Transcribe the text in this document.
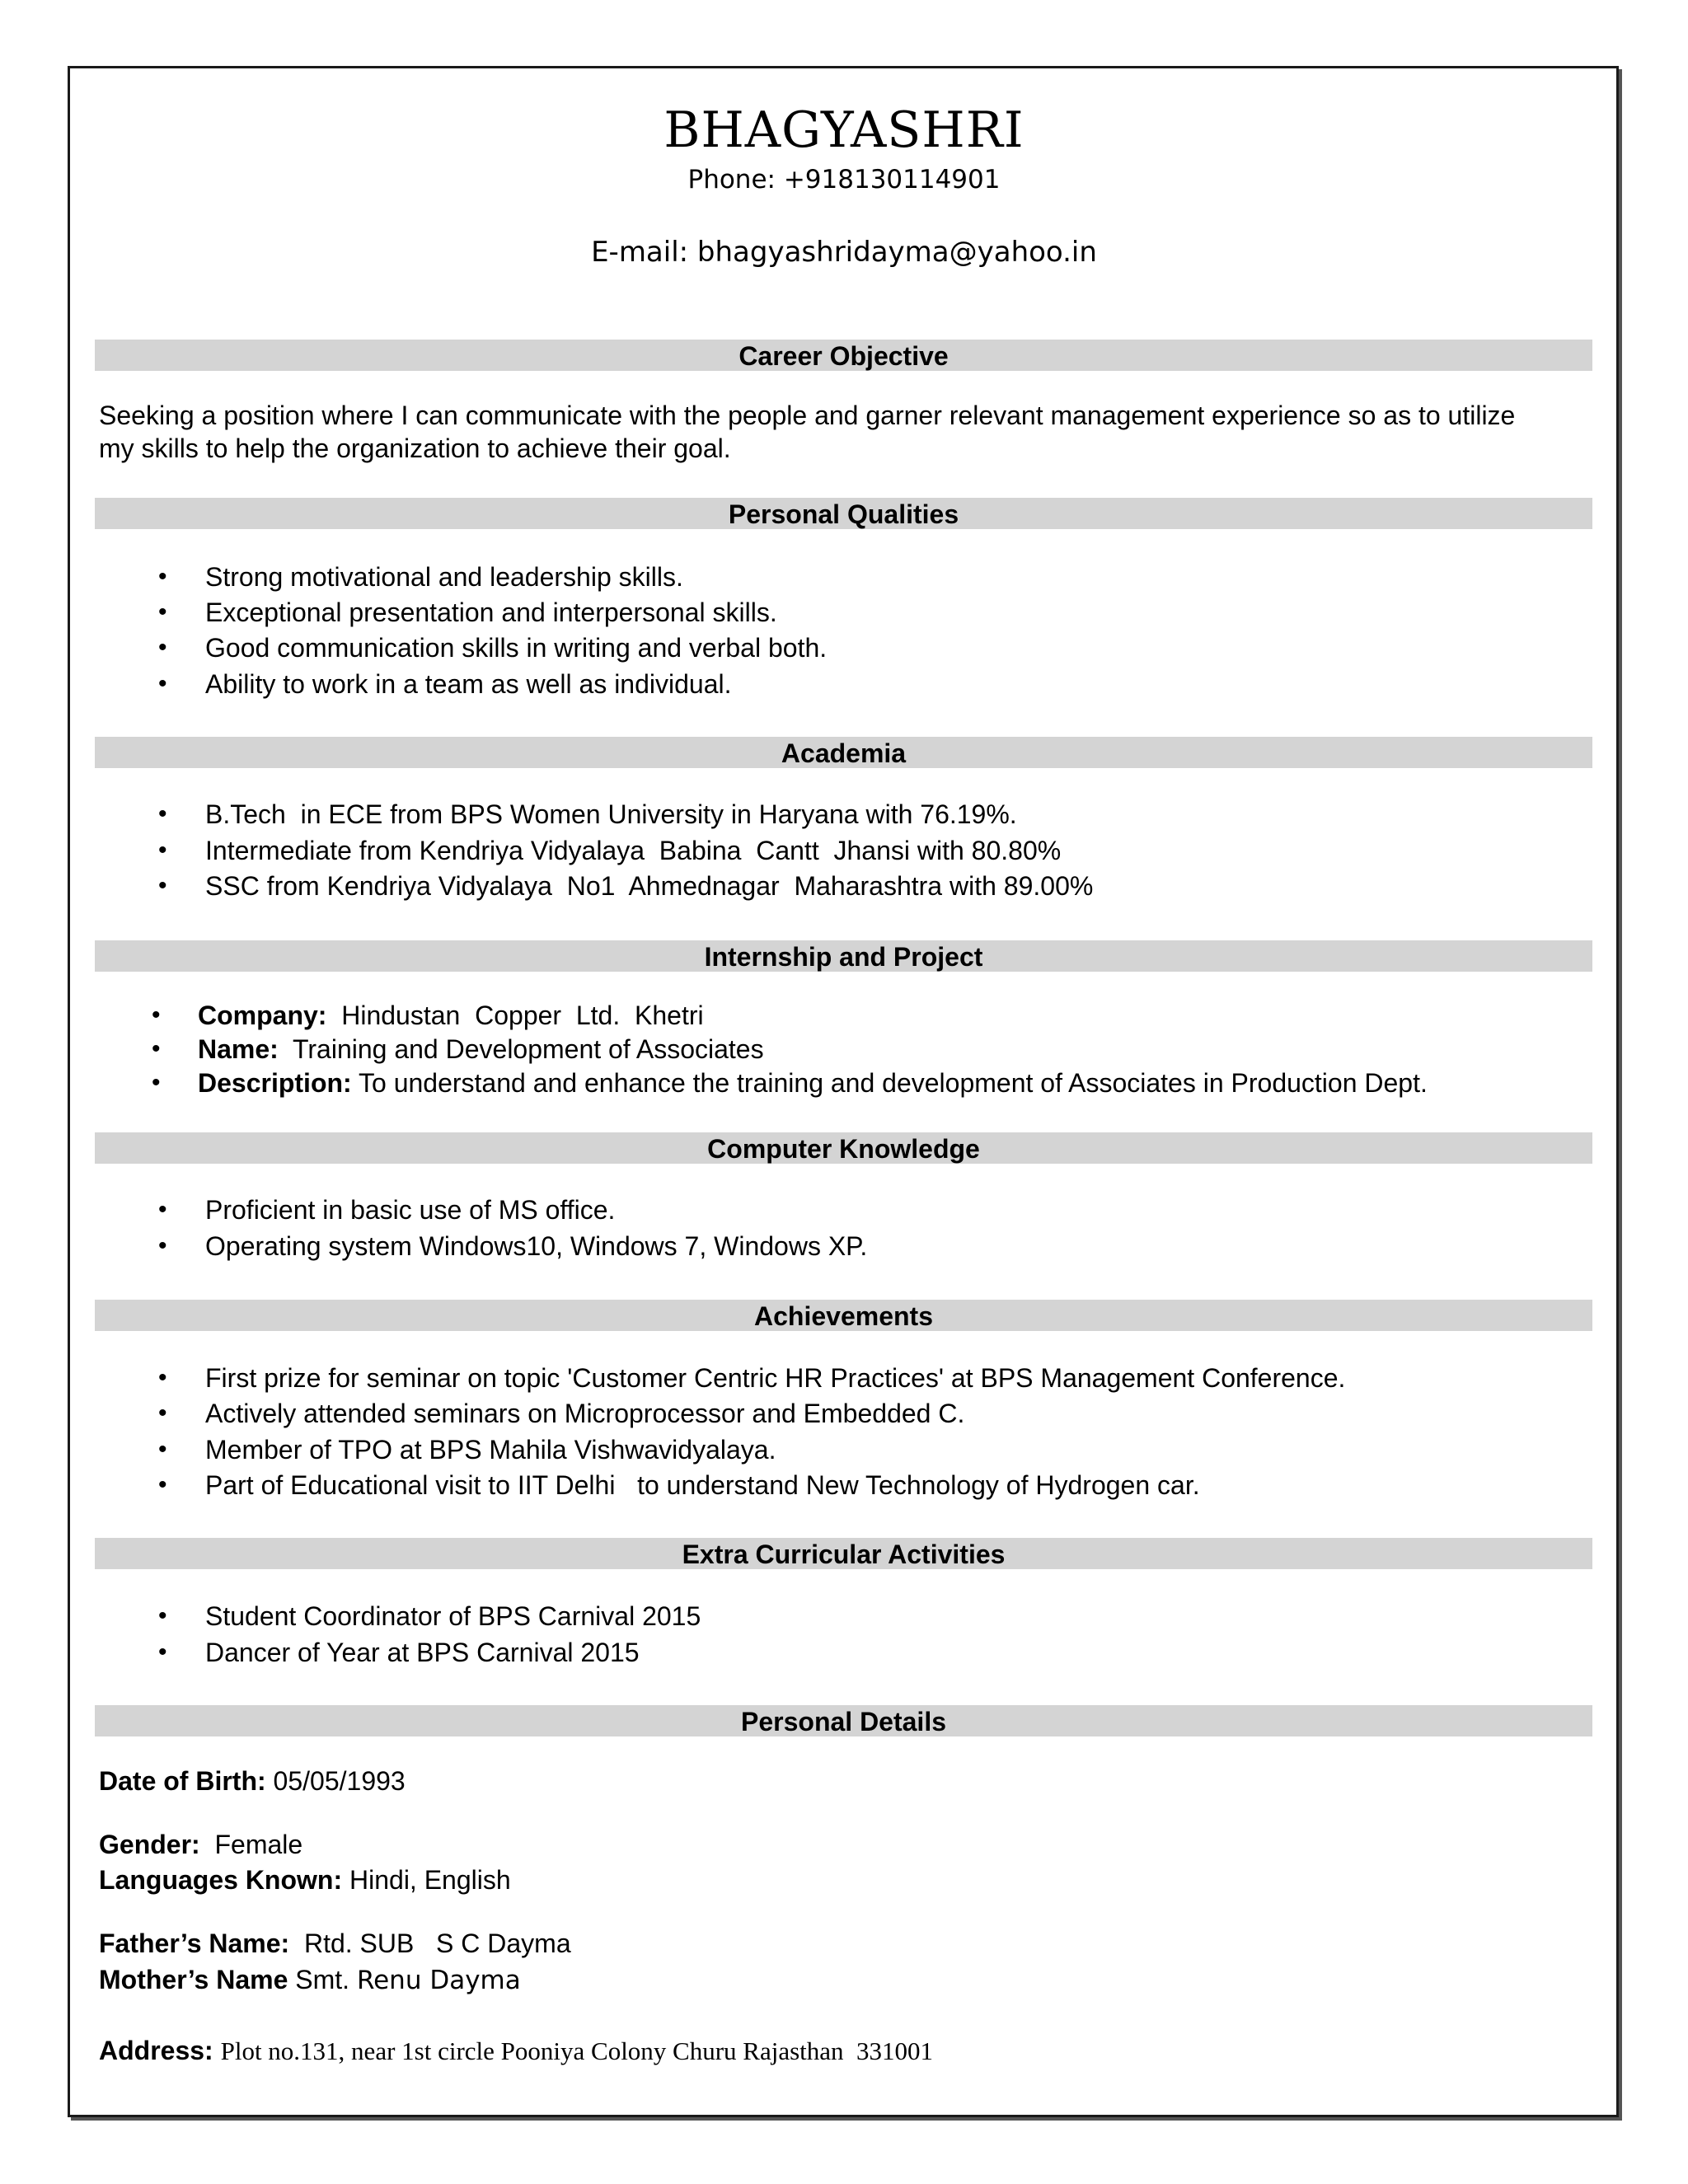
BHAGYASHRI
Phone: +918130114901
E-mail: bhagyashridayma@yahoo.in
Career Objective
Seeking a position where I can communicate with the people and garner relevant management experience so as to utilize
my skills to help the organization to achieve their goal.
Personal Qualities
• Strong motivational and leadership skills.
• Exceptional presentation and interpersonal skills.
• Good communication skills in writing and verbal both.
• Ability to work in a team as well as individual.
Academia
• B.Tech  in ECE from BPS Women University in Haryana with 76.19%.
• Intermediate from Kendriya Vidyalaya  Babina  Cantt  Jhansi with 80.80%
• SSC from Kendriya Vidyalaya  No1  Ahmednagar  Maharashtra with 89.00%
Internship and Project
• Company: Hindustan  Copper  Ltd.  Khetri
• Name: Training and Development of Associates
• Description: To understand and enhance the training and development of Associates in Production Dept.
Computer Knowledge
• Proficient in basic use of MS office.
• Operating system Windows10, Windows 7, Windows XP.
Achievements
• First prize for seminar on topic 'Customer Centric HR Practices' at BPS Management Conference.
• Actively attended seminars on Microprocessor and Embedded C.
• Member of TPO at BPS Mahila Vishwavidyalaya.
• Part of Educational visit to IIT Delhi   to understand New Technology of Hydrogen car.
Extra Curricular Activities
• Student Coordinator of BPS Carnival 2015
• Dancer of Year at BPS Carnival 2015
Personal Details
Date of Birth: 05/05/1993
Gender: Female
Languages Known: Hindi, English
Father’s Name: Rtd. SUB   S C Dayma
Mother’s Name Smt. Renu Dayma
Address: Plot no.131, near 1st circle Pooniya Colony Churu Rajasthan  331001
